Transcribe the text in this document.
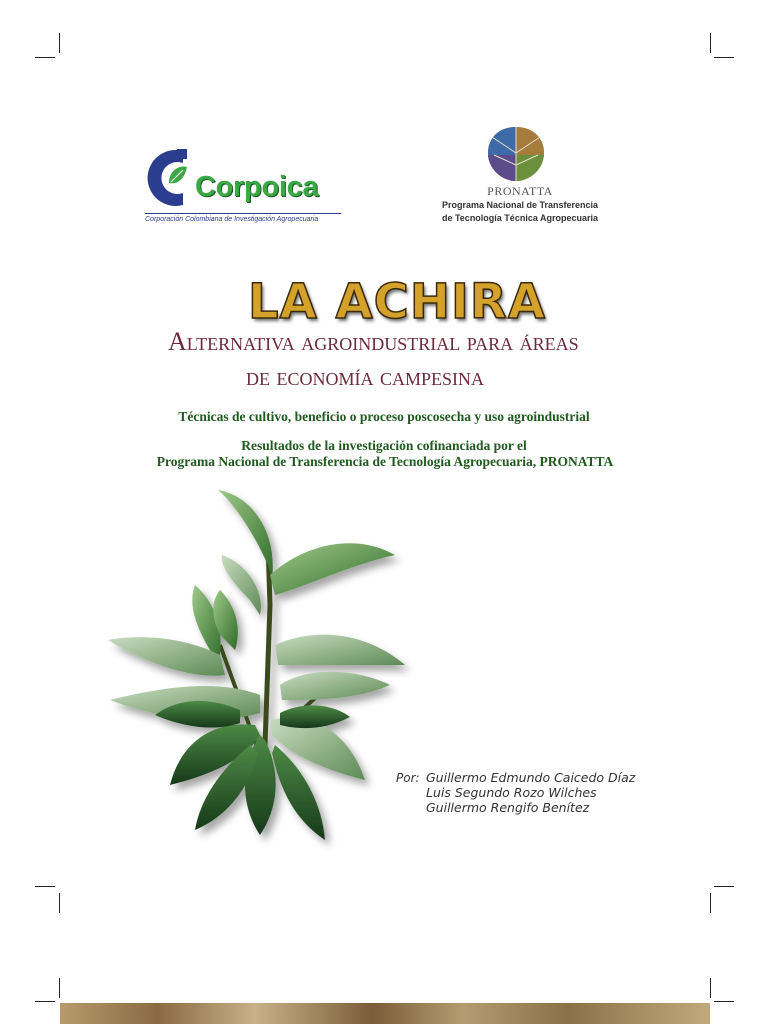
Corpoica
Corporación Colombiana de Investigación Agropecuaria
PRONATTA
Programa Nacional de Transferencia
de Tecnología Técnica Agropecuaria
LA ACHIRA
Alternativa agroindustrial para áreas
de economía campesina
Técnicas de cultivo, beneficio o proceso poscosecha y uso agroindustrial
Resultados de la investigación cofinanciada por el
Programa Nacional de Transferencia de Tecnología Agropecuaria, PRONATTA
Por: Guillermo Edmundo Caicedo Díaz
Luis Segundo Rozo Wilches
Guillermo Rengifo Benítez
